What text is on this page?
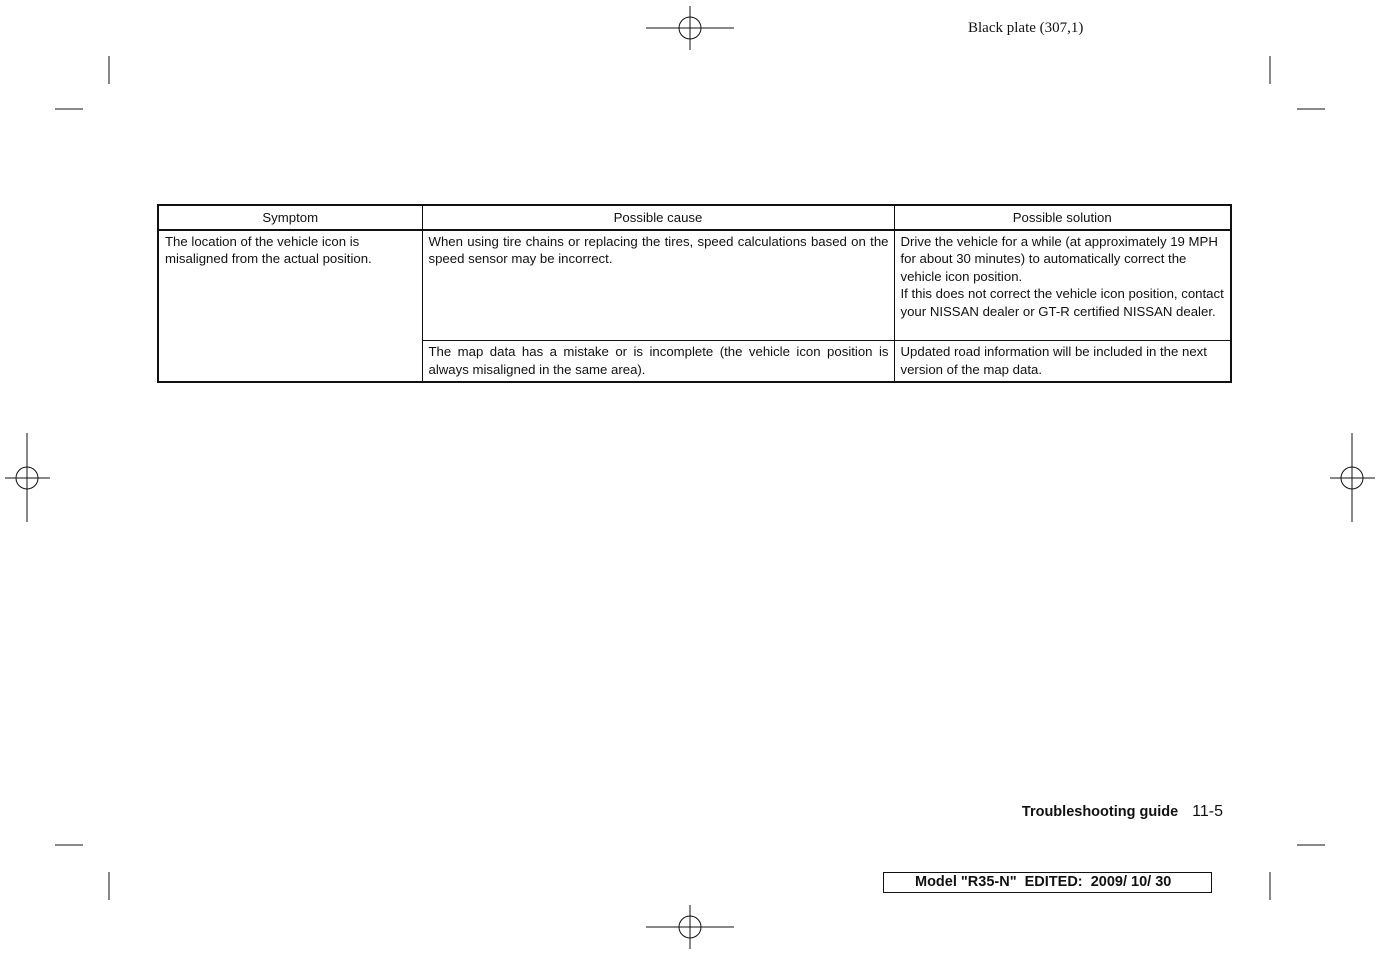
Black plate (307,1)
Symptom	Possible cause	Possible solution
The location of the vehicle icon is misaligned from the actual position.	When using tire chains or replacing the tires, speed calculations based on the speed sensor may be incorrect.	Drive the vehicle for a while (at approximately 19 MPH for about 30 minutes) to automatically correct the vehicle icon position.
If this does not correct the vehicle icon position, contact your NISSAN dealer or GT-R certified NISSAN dealer.

	The map data has a mistake or is incomplete (the vehicle icon position is always misaligned in the same area).	Updated road information will be included in the next version of the map data.
Troubleshooting guide 11-5
Model "R35-N" EDITED: 2009/ 10/ 30
